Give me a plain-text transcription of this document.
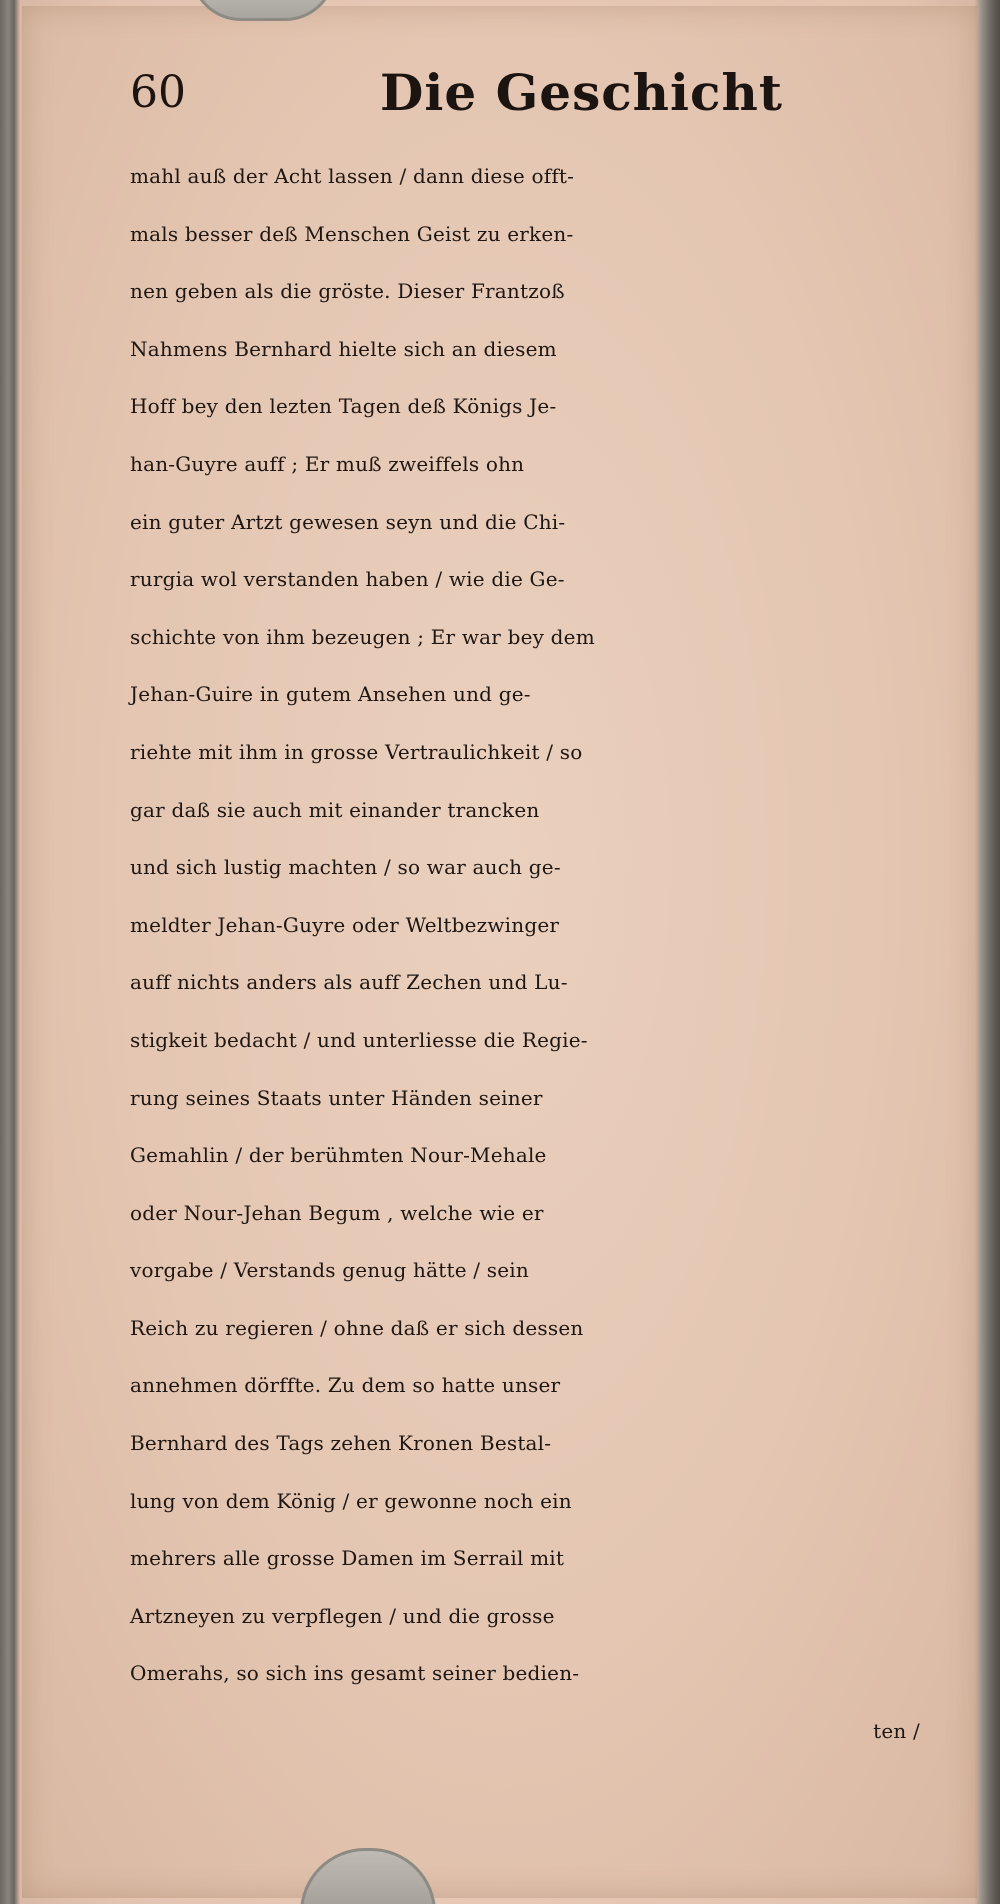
60	Die Geschicht
mahl auß der Acht lassen / dann diese offt-
mals besser deß Menschen Geist zu erken-
nen geben als die gröste. Dieser Frantzoß
Nahmens Bernhard hielte sich an diesem
Hoff bey den lezten Tagen deß Königs Je-
han-Guyre auff ; Er muß zweiffels ohn
ein guter Artzt gewesen seyn und die Chi-
rurgia wol verstanden haben / wie die Ge-
schichte von ihm bezeugen ; Er war bey dem
Jehan-Guire in gutem Ansehen und ge-
riehte mit ihm in grosse Vertraulichkeit / so
gar daß sie auch mit einander trancken
und sich lustig machten / so war auch ge-
meldter Jehan-Guyre oder Weltbezwinger
auff nichts anders als auff Zechen und Lu-
stigkeit bedacht / und unterliesse die Regie-
rung seines Staats unter Händen seiner
Gemahlin / der berühmten Nour-Mehale
oder Nour-Jehan Begum , welche wie er
vorgabe / Verstands genug hätte / sein
Reich zu regieren / ohne daß er sich dessen
annehmen dörffte. Zu dem so hatte unser
Bernhard des Tags zehen Kronen Bestal-
lung von dem König / er gewonne noch ein
mehrers alle grosse Damen im Serrail mit
Artzneyen zu verpflegen / und die grosse
Omerahs, so sich ins gesamt seiner bedien-
ten /
